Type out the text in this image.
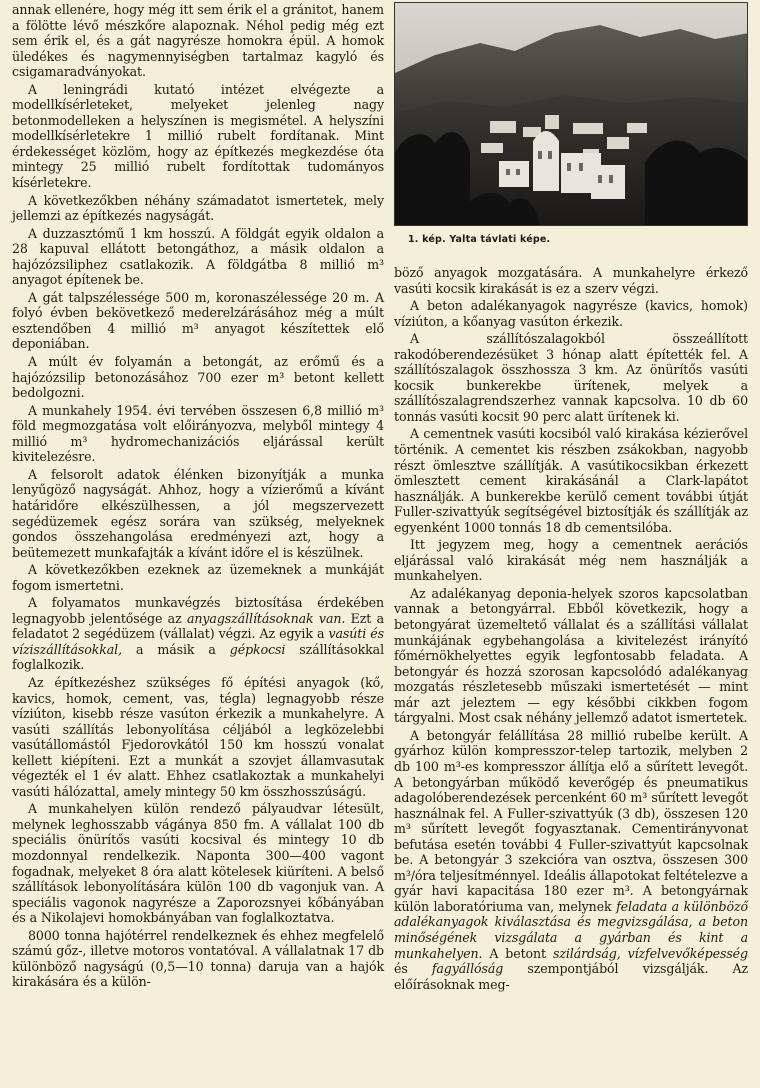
annak ellenére, hogy még itt sem érik el a gránitot, hanem a fölötte lévő mészkőre alapoznak. Néhol pedig még ezt sem érik el, és a gát nagyrésze homokra épül. A homok üledékes és nagymennyiségben tartalmaz kagyló és csigamaradványokat.

A leningrádi kutató intézet elvégezte a modellkísérleteket, melyeket jelenleg nagy betonmodelleken a helyszínen is megismétel. A helyszíni modellkísérletekre 1 millió rubelt fordítanak. Mint érdekességet közlöm, hogy az építkezés megkezdése óta mintegy 25 millió rubelt fordítottak tudományos kísérletekre.

A következőkben néhány számadatot ismertetek, mely jellemzi az építkezés nagyságát.

A duzzasztómű 1 km hosszú. A földgát egyik oldalon a 28 kapuval ellátott betongáthoz, a másik oldalon a hajózózsiliphez csatlakozik. A földgátba 8 millió m³ anyagot építenek be.

A gát talpszélessége 500 m, koronaszélessége 20 m. A folyó évben bekövetkező mederelzárásához még a múlt esztendőben 4 millió m³ anyagot készítettek elő deponiában.

A múlt év folyamán a betongát, az erőmű és a hajózózsilip betonozásához 700 ezer m³ betont kellett bedolgozni.

A munkahely 1954. évi tervében összesen 6,8 millió m³ föld megmozgatása volt előirányozva, melyből mintegy 4 millió m³ hydromechanizációs eljárással került kivitelezésre.

A felsorolt adatok élénken bizonyítják a munka lenyűgöző nagyságát. Ahhoz, hogy a vízierőmű a kívánt határidőre elkészülhessen, a jól megszervezett segédüzemek egész sorára van szükség, melyeknek gondos összehangolása eredményezi azt, hogy a beütemezett munkafajták a kívánt időre el is készülnek.

A következőkben ezeknek az üzemeknek a munkáját fogom ismertetni.

A folyamatos munkavégzés biztosítása érdekében legnagyobb jelentősége az anyagszállításoknak van. Ezt a feladatot 2 segédüzem (vállalat) végzi. Az egyik a vasúti és víziszállításokkal, a másik a gépkocsi szállításokkal foglalkozik.

Az építkezéshez szükséges fő építési anyagok (kő, kavics, homok, cement, vas, tégla) legnagyobb része víziúton, kisebb része vasúton érkezik a munkahelyre. A vasúti szállítás lebonyolítása céljából a legközelebbi vasútállomástól Fjedorovkától 150 km hosszú vonalat kellett kiépíteni. Ezt a munkát a szovjet államvasutak végezték el 1 év alatt. Ehhez csatlakoztak a munkahelyi vasúti hálózattal, amely mintegy 50 km összhosszúságú.

A munkahelyen külön rendező pályaudvar létesült, melynek leghosszabb vágánya 850 fm. A vállalat 100 db speciális önürítős vasúti kocsival és mintegy 10 db mozdonnyal rendelkezik. Naponta 300—400 vagont fogadnak, melyeket 8 óra alatt kötelesek kiüríteni. A belső szállítások lebonyolítására külön 100 db vagonjuk van. A speciális vagonok nagyrésze a Zaporozsnyei kőbányában és a Nikolajevi homokbányában van foglalkoztatva.

8000 tonna hajótérrel rendelkeznek és ehhez megfelelő számú gőz-, illetve motoros vontatóval. A vállalatnak 17 db különböző nagyságú (0,5—10 tonna) daruja van a hajók kirakására és a külön-

1. kép. Yalta távlati képe.

böző anyagok mozgatására. A munkahelyre érkező vasúti kocsik kirakását is ez a szerv végzi.

A beton adalékanyagok nagyrésze (kavics, homok) víziúton, a kőanyag vasúton érkezik.

A szállítószalagokból összeállított rakodóberendezésüket 3 hónap alatt építették fel. A szállítószalagok összhossza 3 km. Az önürítős vasúti kocsik bunkerekbe ürítenek, melyek a szállítószalagrendszerhez vannak kapcsolva. 10 db 60 tonnás vasúti kocsit 90 perc alatt ürítenek ki.

A cementnek vasúti kocsiból való kirakása kézierővel történik. A cementet kis részben zsákokban, nagyobb részt ömlesztve szállítják. A vasútikocsikban érkezett ömlesztett cement kirakásánál a Clark-lapátot használják. A bunkerekbe kerülő cement további útját Fuller-szivattyúk segítségével biztosítják és szállítják az egyenként 1000 tonnás 18 db cementsilóba.

Itt jegyzem meg, hogy a cementnek aerációs eljárással való kirakását még nem használják a munkahelyen.

Az adalékanyag deponia-helyek szoros kapcsolatban vannak a betongyárral. Ebből következik, hogy a betongyárat üzemeltető vállalat és a szállítási vállalat munkájának egybehangolása a kivitelezést irányító főmérnökhelyettes egyik legfontosabb feladata. A betongyár és hozzá szorosan kapcsolódó adalékanyag mozgatás részletesebb műszaki ismertetését — mint már azt jeleztem — egy későbbi cikkben fogom tárgyalni. Most csak néhány jellemző adatot ismertetek.

A betongyár felállítása 28 millió rubelbe került. A gyárhoz külön kompresszor-telep tartozik, melyben 2 db 100 m³-es kompresszor állítja elő a sűrített levegőt. A betongyárban működő keverőgép és pneumatikus adagolóberendezések percenként 60 m³ sűrített levegőt használnak fel. A Fuller-szivattyúk (3 db), összesen 120 m³ sűrített levegőt fogyasztanak. Cementirányvonat befutása esetén további 4 Fuller-szivattyút kapcsolnak be. A betongyár 3 szekcióra van osztva, összesen 300 m³/óra teljesítménnyel. Ideális állapotokat feltételezve a gyár havi kapacitása 180 ezer m³. A betongyárnak külön laboratóriuma van, melynek feladata a különböző adalékanyagok kiválasztása és megvizsgálása, a beton minőségének vizsgálata a gyárban és kint a munkahelyen. A betont szilárdság, vízfelvevőképesség és fagyállóság szempontjából vizsgálják. Az előírásoknak meg-
